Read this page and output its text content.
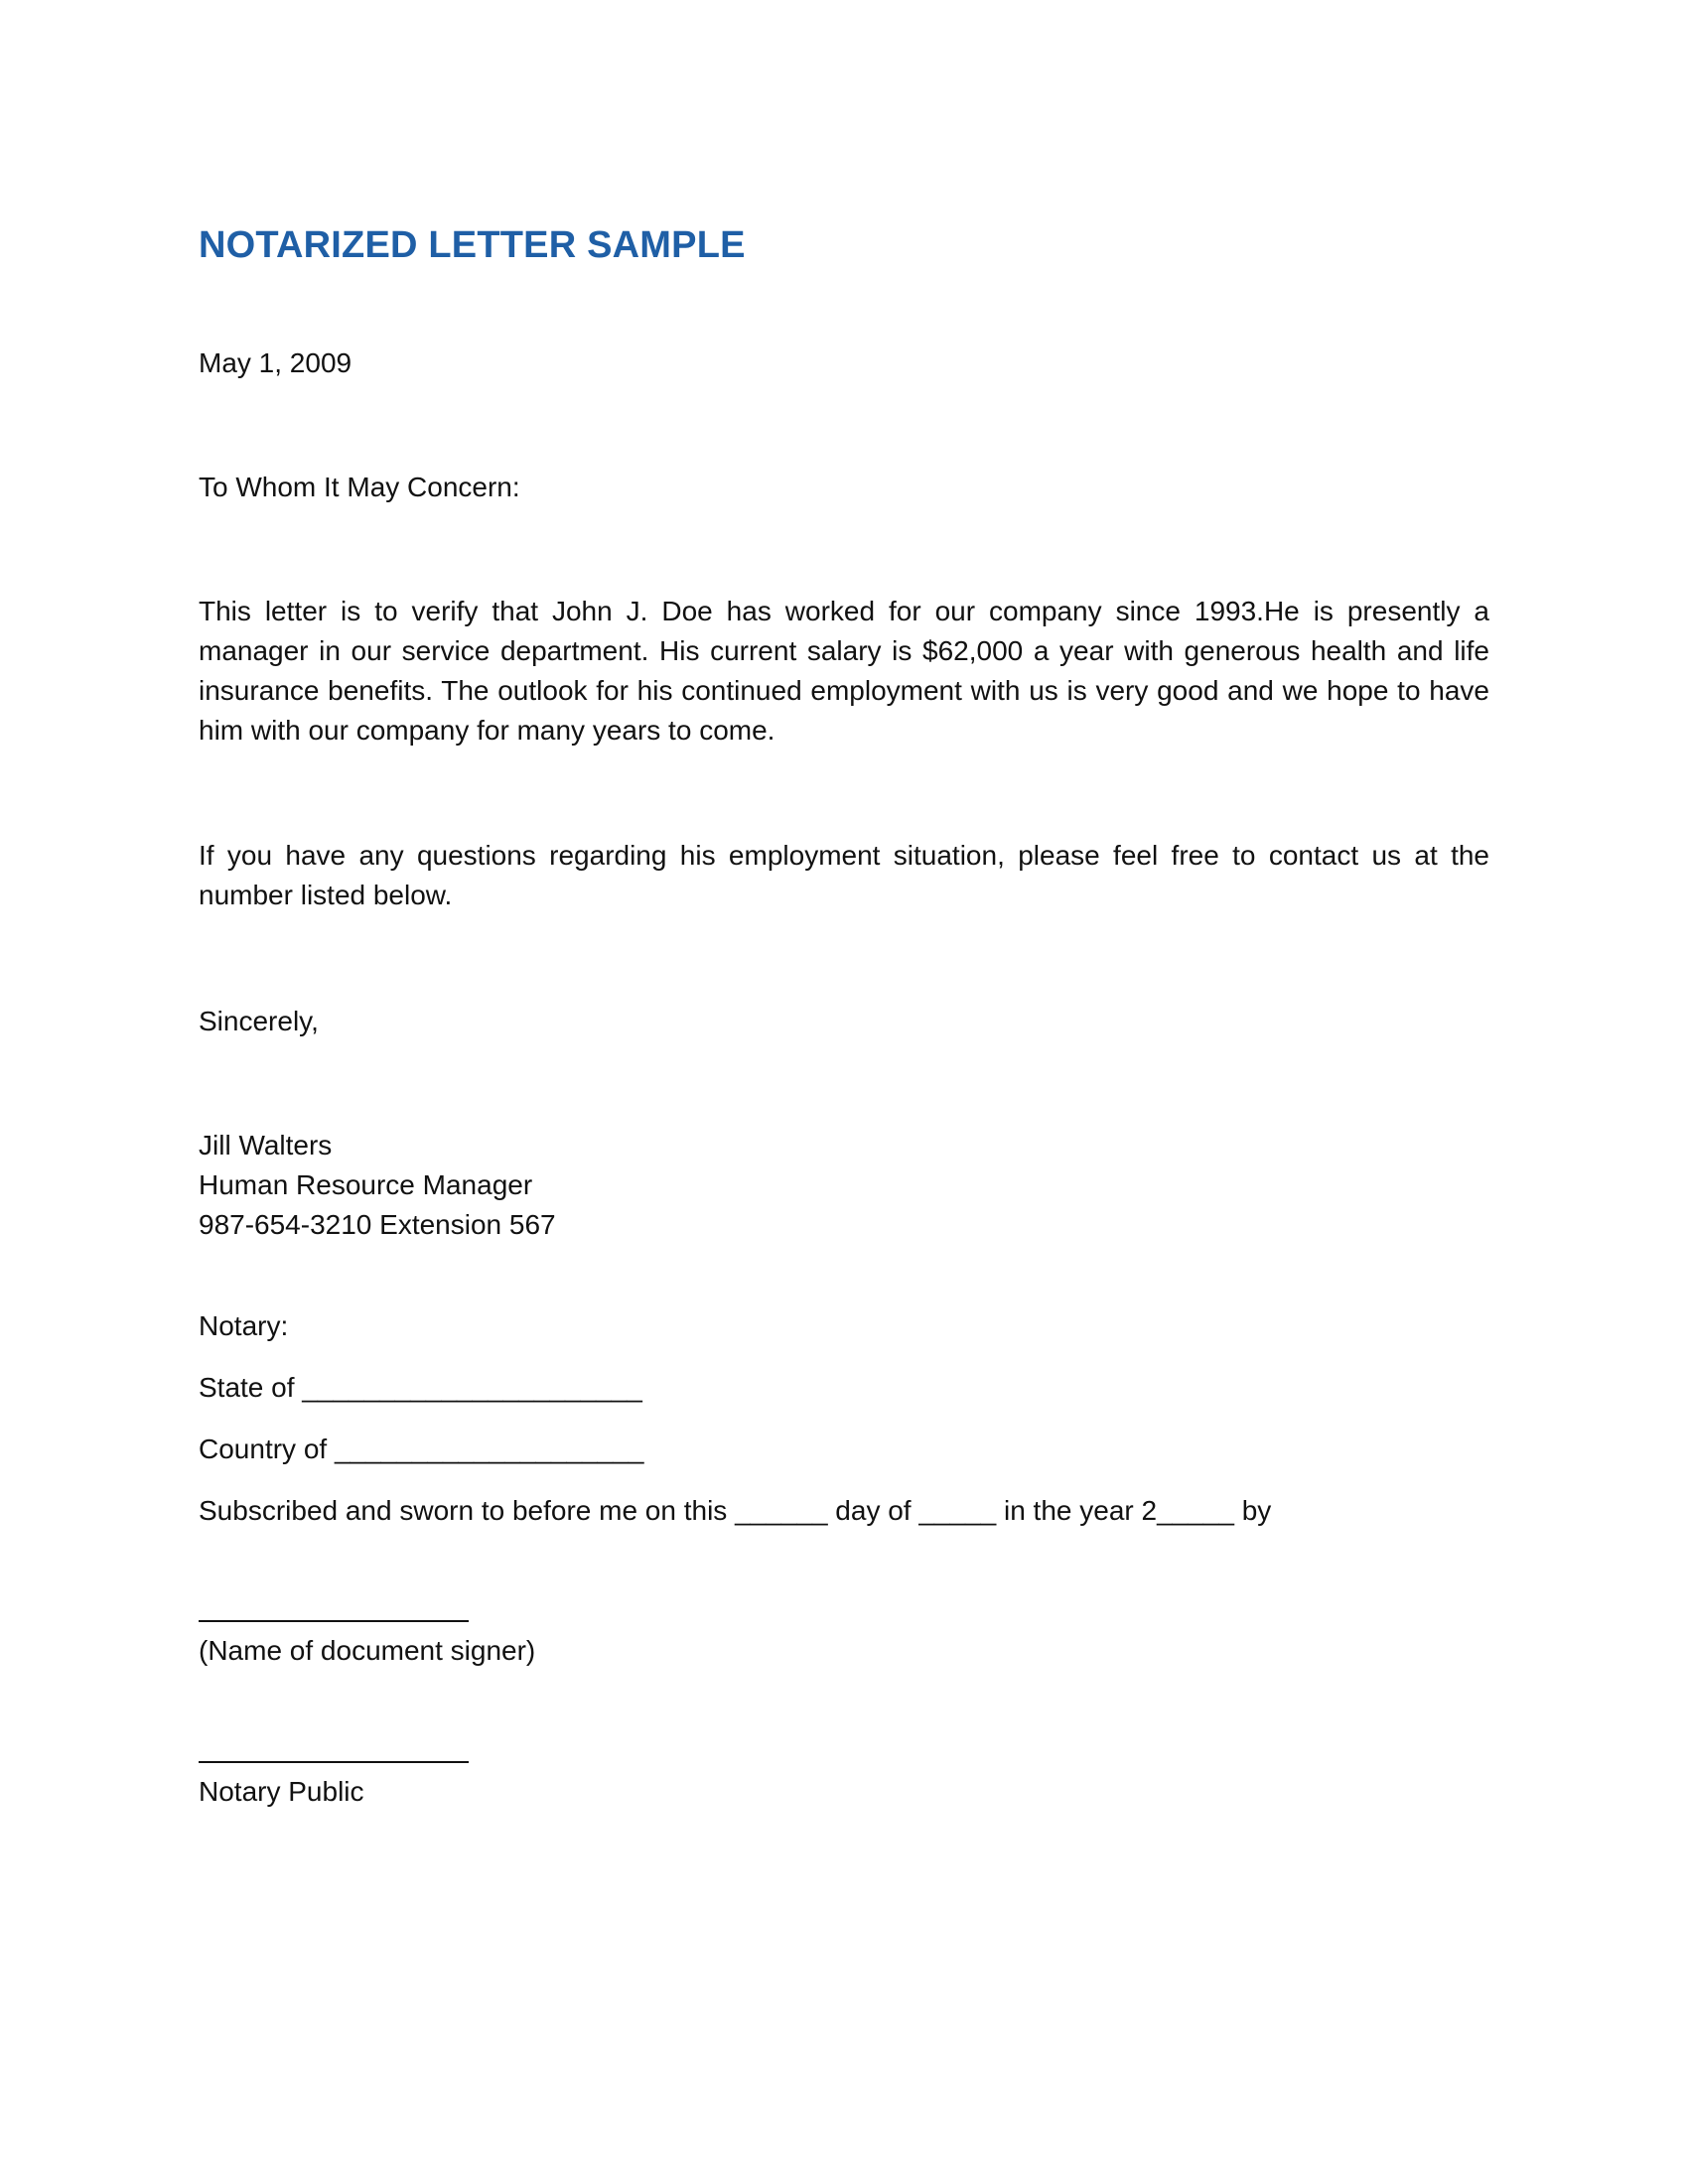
NOTARIZED LETTER SAMPLE

May 1, 2009

To Whom It May Concern:

This letter is to verify that John J. Doe has worked for our company since 1993.He is presently a manager in our service department. His current salary is $62,000 a year with generous health and life insurance benefits. The outlook for his continued employment with us is very good and we hope to have him with our company for many years to come.

If you have any questions regarding his employment situation, please feel free to contact us at the number listed below.

Sincerely,

Jill Walters

Human Resource Manager

987-654-3210 Extension 567

Notary:

State of ______________________

Country of ____________________

Subscribed and sworn to before me on this ______ day of _____ in the year 2_____ by

(Name of document signer)

Notary Public
